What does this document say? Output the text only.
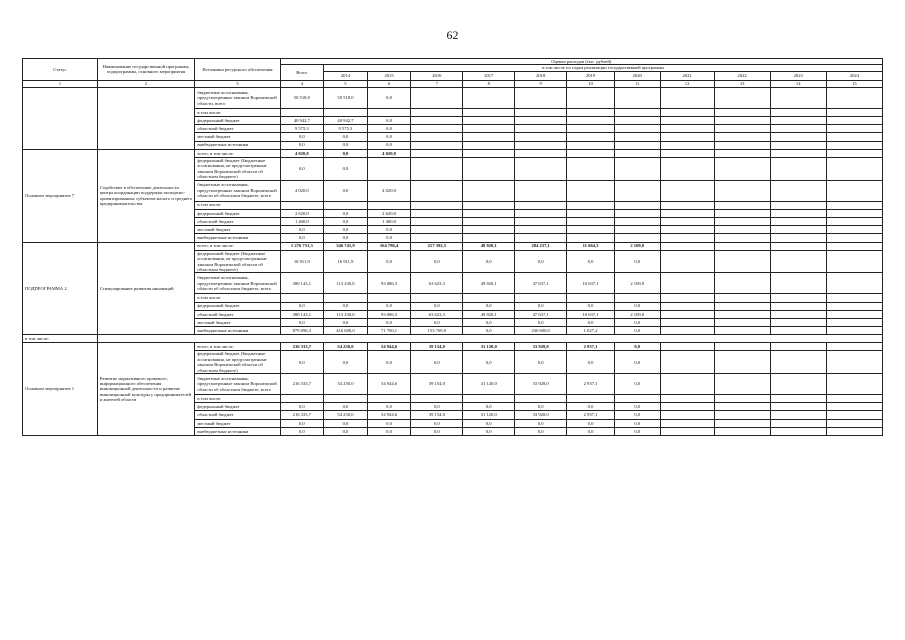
62
Статус	Наименование государственной программы, подпрограммы, основного мероприятия	Источники ресурсного обеспечения	Оценка расходов (тыс. рублей)											
			Всего	в том числе по годам реализации государственной программы										
				2014	2015	2016	2017	2018	2019	2020	2021	2022	2023	2024
1	2	3	4	5	6	7	8	9	10	11	12	13	14	15
		бюджетные ассигнования, предусмотренные законом Воронежской области, всего	50 518,0	50 518,0	0,0									
		в том числе:												
		федеральный бюджет	40 942,7	40 942,7	0,0									
		областной бюджет	9 575,3	9 575,3	0,0									
		местный бюджет	0,0	0,0	0,0									
		внебюджетные источники	0,0	0,0	0,0									
Основное мероприятие 7	Содействие в обеспечение деятельности центра координации поддержки экспортно-ориентированных субъектов малого и среднего предпринимательства	всего, в том числе:	4 020,0	0,0	4 020,0									
		федеральный бюджет (Бюджетные ассигнования, не предусмотренные законом Воронежской области об областном бюджете)	0,0	0,0										
		бюджетные ассигнования, предусмотренные законом Воронежской области об областном бюджете, всего	4 020,0	0,0	4 020,0									
		в том числе:												
		федеральный бюджет	2 620,0	0,0	2 620,0									
		областной бюджет	1 400,0	0,0	1 400,0									
		местный бюджет	0,0	0,0	0,0									
		внебюджетные источники	0,0	0,0	0,0									
ПОДПРОГРАММА 2	Стимулирование развития инноваций	всего, в том числе:	1 276 751,3	546 741,9	164 786,4	217 392,5	49 820,1	284 237,1	11 664,3	2 109,0				
		федеральный бюджет (Бюджетные ассигнования, не предусмотренные законом Воронежской области об областном бюджете)	16 911,9	16 911,9	0,0	0,0	0,0	0,0	0,0	0,0				
		бюджетные ассигнования, предусмотренные законом Воронежской области об областном бюджете, всего	380 143,1	113 230,0	93 086,3	63 623,3	49 820,1	47 637,1	10 637,1	2 109,0				
		в том числе:												
		федеральный бюджет	0,0	0,0	0,0	0,0	0,0	0,0	0,0	0,0				
		областной бюджет	380 143,1	113 230,0	93 086,3	63 623,3	49 820,1	47 637,1	10 637,1	2 109,0				
		местный бюджет	0,0	0,0	0,0	0,0	0,0	0,0	0,0	0,0				
		внебюджетные источники	879 696,3	416 600,0	71 700,1	153 769,0	0,0	236 600,0	1 027,2	0,0				
в том числе:														
Основное мероприятие 1	Развитие нормативного правового, информационного обеспечения инновационной деятельности и развитие инновационной культуры у предпринимателей и жителей области	всего, в том числе:	216 333,7	54 250,0	54 944,6	39 154,0	31 120,0	33 928,0	2 937,1	0,0				
		федеральный бюджет (Бюджетные ассигнования, не предусмотренные законом Воронежской области об областном бюджете)	0,0	0,0	0,0	0,0	0,0	0,0	0,0	0,0				
		бюджетные ассигнования, предусмотренные законом Воронежской области об областном бюджете, всего	216 333,7	54 250,0	54 944,6	39 154,0	31 120,0	33 928,0	2 937,1	0,0				
		в том числе:												
		федеральный бюджет	0,0	0,0	0,0	0,0	0,0	0,0	0,0	0,0				
		областной бюджет	216 333,7	54 250,0	54 944,6	39 154,0	31 120,0	33 928,0	2 937,1	0,0				
		местный бюджет	0,0	0,0	0,0	0,0	0,0	0,0	0,0	0,0				
		внебюджетные источники	0,0	0,0	0,0	0,0	0,0	0,0	0,0	0,0				
